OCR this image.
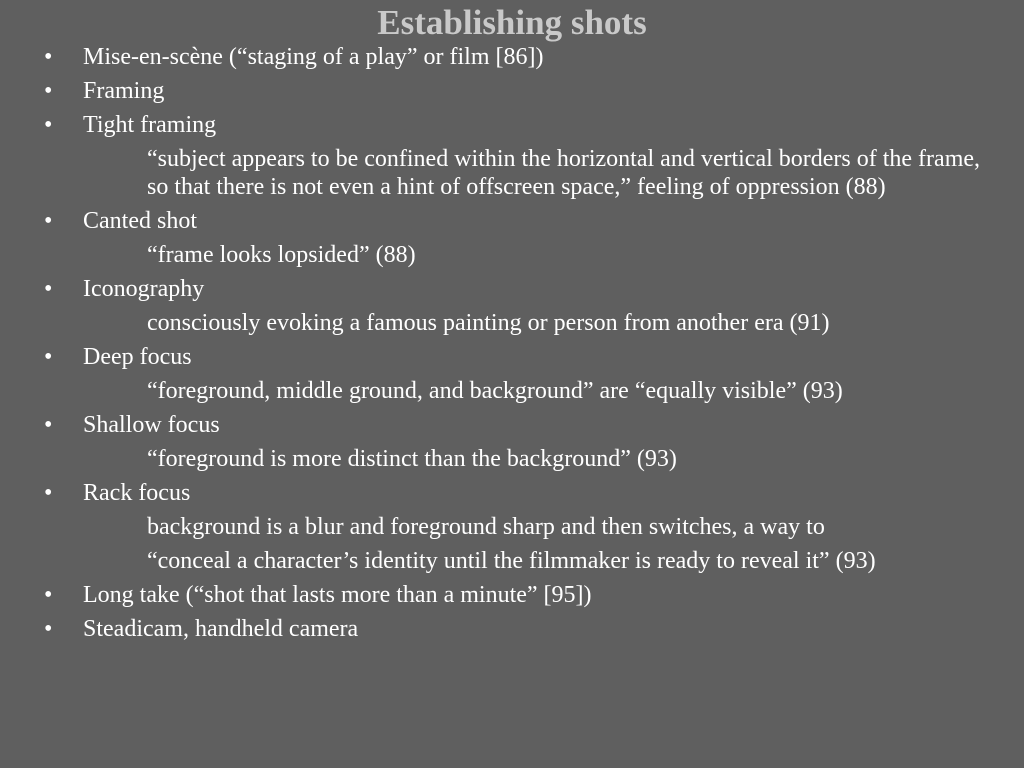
Establishing shots
• Mise-en-scène (“staging of a play” or film [86])
• Framing
• Tight framing
“subject appears to be confined within the horizontal and vertical borders of the frame, so that there is not even a hint of offscreen space,” feeling of oppression (88)
• Canted shot
“frame looks lopsided” (88)
• Iconography
consciously evoking a famous painting or person from another era (91)
• Deep focus
“foreground, middle ground, and background” are “equally visible” (93)
• Shallow focus
“foreground is more distinct than the background” (93)
• Rack focus
background is a blur and foreground sharp and then switches, a way to
“conceal a character’s identity until the filmmaker is ready to reveal it” (93)
• Long take (“shot that lasts more than a minute” [95])
• Steadicam, handheld camera
